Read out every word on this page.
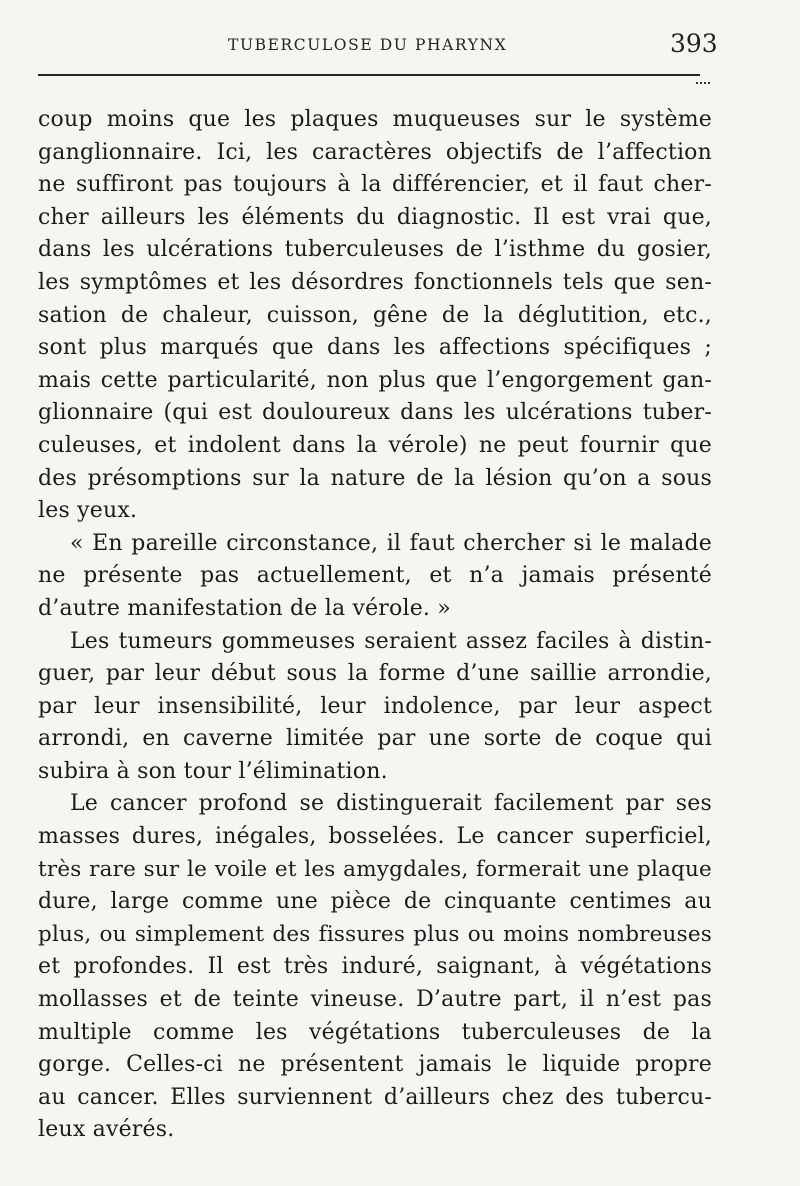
TUBERCULOSE DU PHARYNX	393
coup moins que les plaques muqueuses sur le système
ganglionnaire. Ici, les caractères objectifs de l’affection
ne suffiront pas toujours à la différencier, et il faut cher-
cher ailleurs les éléments du diagnostic. Il est vrai que,
dans les ulcérations tuberculeuses de l’isthme du gosier,
les symptômes et les désordres fonctionnels tels que sen-
sation de chaleur, cuisson, gêne de la déglutition, etc.,
sont plus marqués que dans les affections spécifiques ;
mais cette particularité, non plus que l’engorgement gan-
glionnaire (qui est douloureux dans les ulcérations tuber-
culeuses, et indolent dans la vérole) ne peut fournir que
des présomptions sur la nature de la lésion qu’on a sous
les yeux.
« En pareille circonstance, il faut chercher si le malade
ne présente pas actuellement, et n’a jamais présenté
d’autre manifestation de la vérole. »
Les tumeurs gommeuses seraient assez faciles à distin-
guer, par leur début sous la forme d’une saillie arrondie,
par leur insensibilité, leur indolence, par leur aspect
arrondi, en caverne limitée par une sorte de coque qui
subira à son tour l’élimination.
Le cancer profond se distinguerait facilement par ses
masses dures, inégales, bosselées. Le cancer superficiel,
très rare sur le voile et les amygdales, formerait une plaque
dure, large comme une pièce de cinquante centimes au
plus, ou simplement des fissures plus ou moins nombreuses
et profondes. Il est très induré, saignant, à végétations
mollasses et de teinte vineuse. D’autre part, il n’est pas
multiple comme les végétations tuberculeuses de la
gorge. Celles-ci ne présentent jamais le liquide propre
au cancer. Elles surviennent d’ailleurs chez des tubercu-
leux avérés.
